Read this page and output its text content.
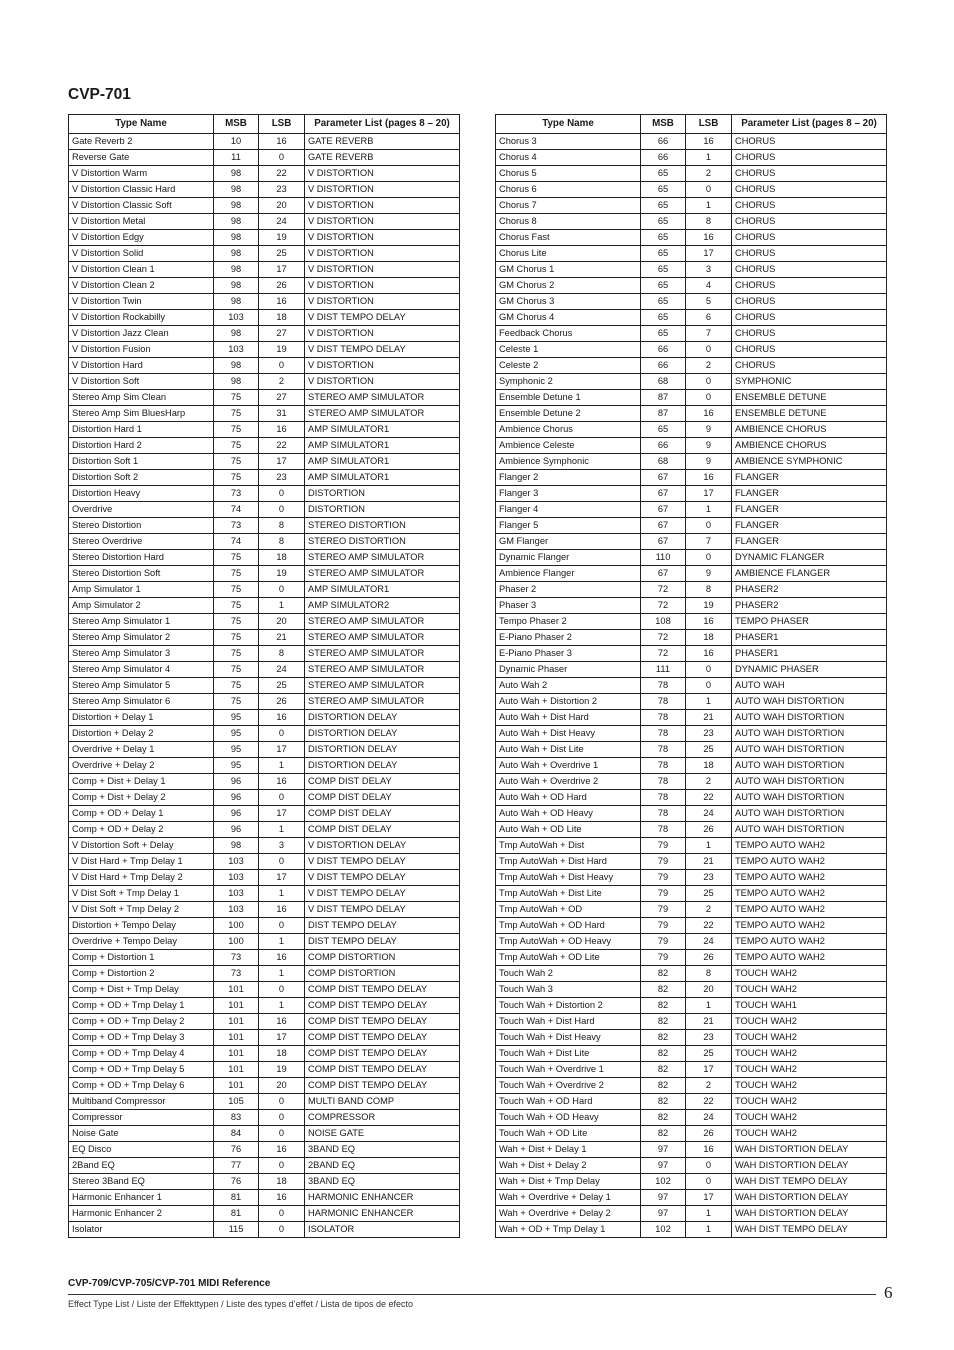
CVP-701
Type Name	MSB	LSB	Parameter List (pages 8 – 20)
Gate Reverb 2	10	16	GATE REVERB
Reverse Gate	11	0	GATE REVERB
V Distortion Warm	98	22	V DISTORTION
V Distortion Classic Hard	98	23	V DISTORTION
V Distortion Classic Soft	98	20	V DISTORTION
V Distortion Metal	98	24	V DISTORTION
V Distortion Edgy	98	19	V DISTORTION
V Distortion Solid	98	25	V DISTORTION
V Distortion Clean 1	98	17	V DISTORTION
V Distortion Clean 2	98	26	V DISTORTION
V Distortion Twin	98	16	V DISTORTION
V Distortion Rockabilly	103	18	V DIST TEMPO DELAY
V Distortion Jazz Clean	98	27	V DISTORTION
V Distortion Fusion	103	19	V DIST TEMPO DELAY
V Distortion Hard	98	0	V DISTORTION
V Distortion Soft	98	2	V DISTORTION
Stereo Amp Sim Clean	75	27	STEREO AMP SIMULATOR
Stereo Amp Sim BluesHarp	75	31	STEREO AMP SIMULATOR
Distortion Hard 1	75	16	AMP SIMULATOR1
Distortion Hard 2	75	22	AMP SIMULATOR1
Distortion Soft 1	75	17	AMP SIMULATOR1
Distortion Soft 2	75	23	AMP SIMULATOR1
Distortion Heavy	73	0	DISTORTION
Overdrive	74	0	DISTORTION
Stereo Distortion	73	8	STEREO DISTORTION
Stereo Overdrive	74	8	STEREO DISTORTION
Stereo Distortion Hard	75	18	STEREO AMP SIMULATOR
Stereo Distortion Soft	75	19	STEREO AMP SIMULATOR
Amp Simulator 1	75	0	AMP SIMULATOR1
Amp Simulator 2	75	1	AMP SIMULATOR2
Stereo Amp Simulator 1	75	20	STEREO AMP SIMULATOR
Stereo Amp Simulator 2	75	21	STEREO AMP SIMULATOR
Stereo Amp Simulator 3	75	8	STEREO AMP SIMULATOR
Stereo Amp Simulator 4	75	24	STEREO AMP SIMULATOR
Stereo Amp Simulator 5	75	25	STEREO AMP SIMULATOR
Stereo Amp Simulator 6	75	26	STEREO AMP SIMULATOR
Distortion + Delay 1	95	16	DISTORTION DELAY
Distortion + Delay 2	95	0	DISTORTION DELAY
Overdrive + Delay 1	95	17	DISTORTION DELAY
Overdrive + Delay 2	95	1	DISTORTION DELAY
Comp + Dist + Delay 1	96	16	COMP DIST DELAY
Comp + Dist + Delay 2	96	0	COMP DIST DELAY
Comp + OD + Delay 1	96	17	COMP DIST DELAY
Comp + OD + Delay 2	96	1	COMP DIST DELAY
V Distortion Soft + Delay	98	3	V DISTORTION DELAY
V Dist Hard + Tmp Delay 1	103	0	V DIST TEMPO DELAY
V Dist Hard + Tmp Delay 2	103	17	V DIST TEMPO DELAY
V Dist Soft + Tmp Delay 1	103	1	V DIST TEMPO DELAY
V Dist Soft + Tmp Delay 2	103	16	V DIST TEMPO DELAY
Distortion + Tempo Delay	100	0	DIST TEMPO DELAY
Overdrive + Tempo Delay	100	1	DIST TEMPO DELAY
Comp + Distortion 1	73	16	COMP DISTORTION
Comp + Distortion 2	73	1	COMP DISTORTION
Comp + Dist + Tmp Delay	101	0	COMP DIST TEMPO DELAY
Comp + OD + Tmp Delay 1	101	1	COMP DIST TEMPO DELAY
Comp + OD + Tmp Delay 2	101	16	COMP DIST TEMPO DELAY
Comp + OD + Tmp Delay 3	101	17	COMP DIST TEMPO DELAY
Comp + OD + Tmp Delay 4	101	18	COMP DIST TEMPO DELAY
Comp + OD + Tmp Delay 5	101	19	COMP DIST TEMPO DELAY
Comp + OD + Tmp Delay 6	101	20	COMP DIST TEMPO DELAY
Multiband Compressor	105	0	MULTI BAND COMP
Compressor	83	0	COMPRESSOR
Noise Gate	84	0	NOISE GATE
EQ Disco	76	16	3BAND EQ
2Band EQ	77	0	2BAND EQ
Stereo 3Band EQ	76	18	3BAND EQ
Harmonic Enhancer 1	81	16	HARMONIC ENHANCER
Harmonic Enhancer 2	81	0	HARMONIC ENHANCER
Isolator	115	0	ISOLATOR
Type Name	MSB	LSB	Parameter List (pages 8 – 20)
Chorus 3	66	16	CHORUS
Chorus 4	66	1	CHORUS
Chorus 5	65	2	CHORUS
Chorus 6	65	0	CHORUS
Chorus 7	65	1	CHORUS
Chorus 8	65	8	CHORUS
Chorus Fast	65	16	CHORUS
Chorus Lite	65	17	CHORUS
GM Chorus 1	65	3	CHORUS
GM Chorus 2	65	4	CHORUS
GM Chorus 3	65	5	CHORUS
GM Chorus 4	65	6	CHORUS
Feedback Chorus	65	7	CHORUS
Celeste 1	66	0	CHORUS
Celeste 2	66	2	CHORUS
Symphonic 2	68	0	SYMPHONIC
Ensemble Detune 1	87	0	ENSEMBLE DETUNE
Ensemble Detune 2	87	16	ENSEMBLE DETUNE
Ambience Chorus	65	9	AMBIENCE CHORUS
Ambience Celeste	66	9	AMBIENCE CHORUS
Ambience Symphonic	68	9	AMBIENCE SYMPHONIC
Flanger 2	67	16	FLANGER
Flanger 3	67	17	FLANGER
Flanger 4	67	1	FLANGER
Flanger 5	67	0	FLANGER
GM Flanger	67	7	FLANGER
Dynamic Flanger	110	0	DYNAMIC FLANGER
Ambience Flanger	67	9	AMBIENCE FLANGER
Phaser 2	72	8	PHASER2
Phaser 3	72	19	PHASER2
Tempo Phaser 2	108	16	TEMPO PHASER
E-Piano Phaser 2	72	18	PHASER1
E-Piano Phaser 3	72	16	PHASER1
Dynamic Phaser	111	0	DYNAMIC PHASER
Auto Wah 2	78	0	AUTO WAH
Auto Wah + Distortion 2	78	1	AUTO WAH DISTORTION
Auto Wah + Dist Hard	78	21	AUTO WAH DISTORTION
Auto Wah + Dist Heavy	78	23	AUTO WAH DISTORTION
Auto Wah + Dist Lite	78	25	AUTO WAH DISTORTION
Auto Wah + Overdrive 1	78	18	AUTO WAH DISTORTION
Auto Wah + Overdrive 2	78	2	AUTO WAH DISTORTION
Auto Wah + OD Hard	78	22	AUTO WAH DISTORTION
Auto Wah + OD Heavy	78	24	AUTO WAH DISTORTION
Auto Wah + OD Lite	78	26	AUTO WAH DISTORTION
Tmp AutoWah + Dist	79	1	TEMPO AUTO WAH2
Tmp AutoWah + Dist Hard	79	21	TEMPO AUTO WAH2
Tmp AutoWah + Dist Heavy	79	23	TEMPO AUTO WAH2
Tmp AutoWah + Dist Lite	79	25	TEMPO AUTO WAH2
Tmp AutoWah + OD	79	2	TEMPO AUTO WAH2
Tmp AutoWah + OD Hard	79	22	TEMPO AUTO WAH2
Tmp AutoWah + OD Heavy	79	24	TEMPO AUTO WAH2
Tmp AutoWah + OD Lite	79	26	TEMPO AUTO WAH2
Touch Wah 2	82	8	TOUCH WAH2
Touch Wah 3	82	20	TOUCH WAH2
Touch Wah + Distortion 2	82	1	TOUCH WAH1
Touch Wah + Dist Hard	82	21	TOUCH WAH2
Touch Wah + Dist Heavy	82	23	TOUCH WAH2
Touch Wah + Dist Lite	82	25	TOUCH WAH2
Touch Wah + Overdrive 1	82	17	TOUCH WAH2
Touch Wah + Overdrive 2	82	2	TOUCH WAH2
Touch Wah + OD Hard	82	22	TOUCH WAH2
Touch Wah + OD Heavy	82	24	TOUCH WAH2
Touch Wah + OD Lite	82	26	TOUCH WAH2
Wah + Dist + Delay 1	97	16	WAH DISTORTION DELAY
Wah + Dist + Delay 2	97	0	WAH DISTORTION DELAY
Wah + Dist + Tmp Delay	102	0	WAH DIST TEMPO DELAY
Wah + Overdrive + Delay 1	97	17	WAH DISTORTION DELAY
Wah + Overdrive + Delay 2	97	1	WAH DISTORTION DELAY
Wah + OD + Tmp Delay 1	102	1	WAH DIST TEMPO DELAY
CVP-709/CVP-705/CVP-701 MIDI Reference
Effect Type List / Liste der Effekttypen / Liste des types d’effet / Lista de tipos de efecto
6
